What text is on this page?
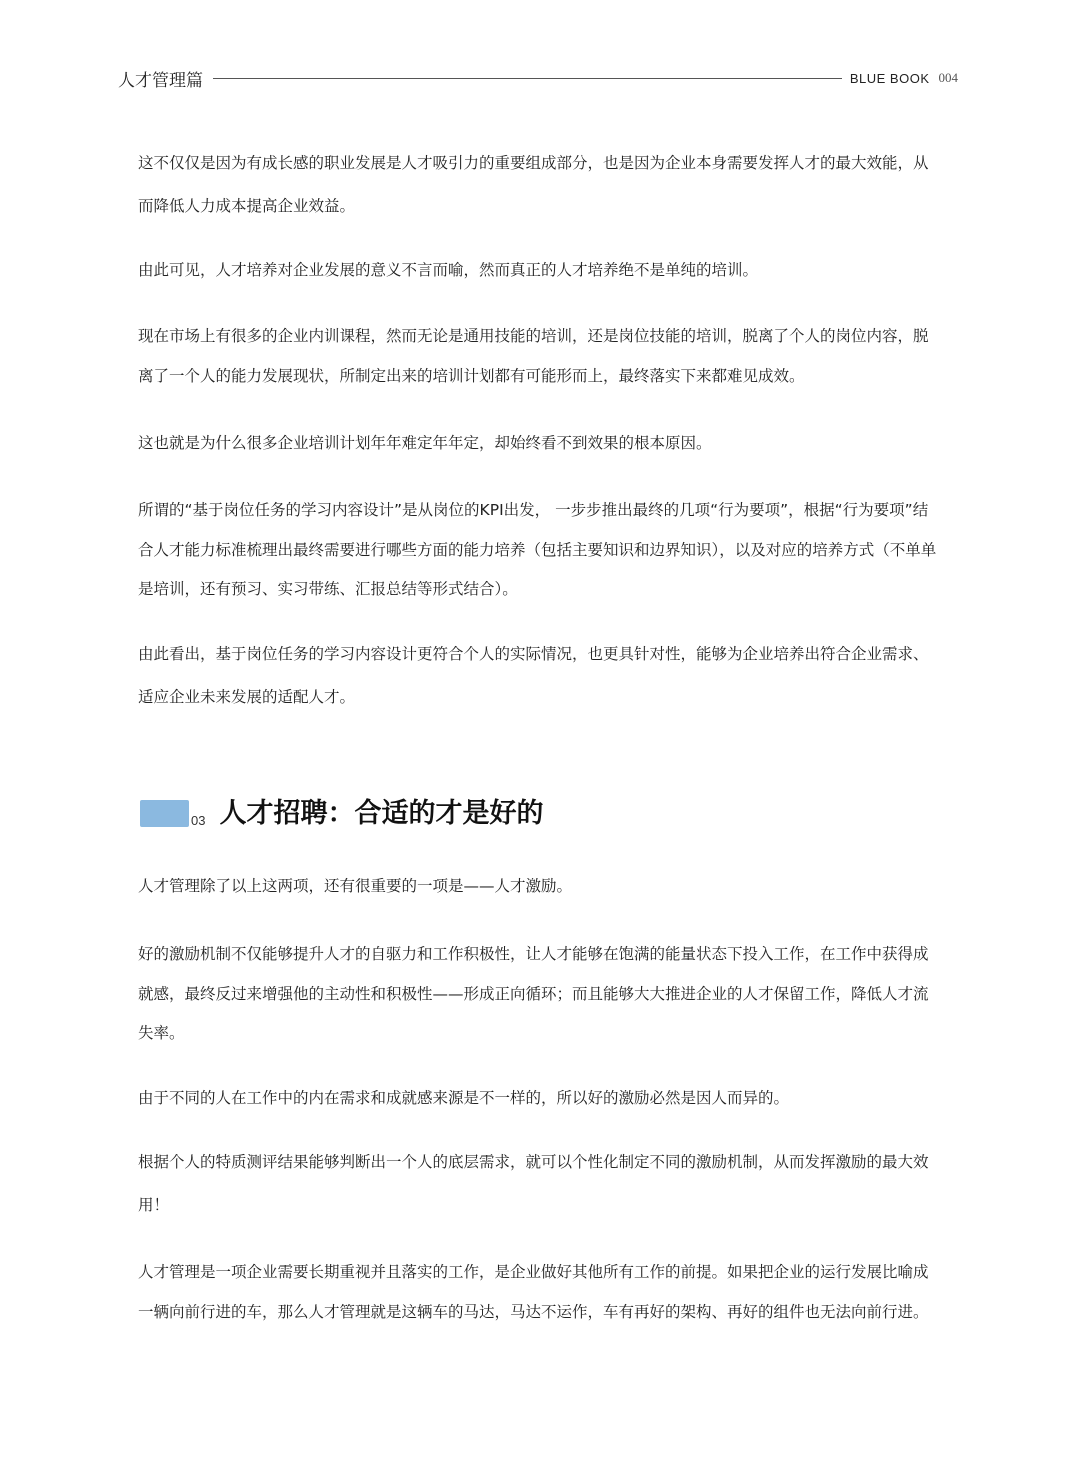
人才管理篇	BLUE BOOK 004

这不仅仅是因为有成长感的职业发展是人才吸引力的重要组成部分，也是因为企业本身需要发挥人才的最大效能，从而降低人力成本提高企业效益。

由此可见，人才培养对企业发展的意义不言而喻，然而真正的人才培养绝不是单纯的培训。

现在市场上有很多的企业内训课程，然而无论是通用技能的培训，还是岗位技能的培训，脱离了个人的岗位内容，脱离了一个人的能力发展现状，所制定出来的培训计划都有可能形而上，最终落实下来都难见成效。

这也就是为什么很多企业培训计划年年难定年年定，却始终看不到效果的根本原因。

所谓的“基于岗位任务的学习内容设计”是从岗位的KPI出发， 一步步推出最终的几项“行为要项”，根据“行为要项”结合人才能力标准梳理出最终需要进行哪些方面的能力培养（包括主要知识和边界知识），以及对应的培养方式（不单单是培训，还有预习、实习带练、汇报总结等形式结合）。

由此看出，基于岗位任务的学习内容设计更符合个人的实际情况，也更具针对性，能够为企业培养出符合企业需求、适应企业未来发展的适配人才。

03 人才招聘：合适的才是好的

人才管理除了以上这两项，还有很重要的一项是——人才激励。

好的激励机制不仅能够提升人才的自驱力和工作积极性，让人才能够在饱满的能量状态下投入工作，在工作中获得成就感，最终反过来增强他的主动性和积极性——形成正向循环；而且能够大大推进企业的人才保留工作，降低人才流失率。

由于不同的人在工作中的内在需求和成就感来源是不一样的，所以好的激励必然是因人而异的。

根据个人的特质测评结果能够判断出一个人的底层需求，就可以个性化制定不同的激励机制，从而发挥激励的最大效用！

人才管理是一项企业需要长期重视并且落实的工作，是企业做好其他所有工作的前提。如果把企业的运行发展比喻成一辆向前行进的车，那么人才管理就是这辆车的马达，马达不运作，车有再好的架构、再好的组件也无法向前行进。
